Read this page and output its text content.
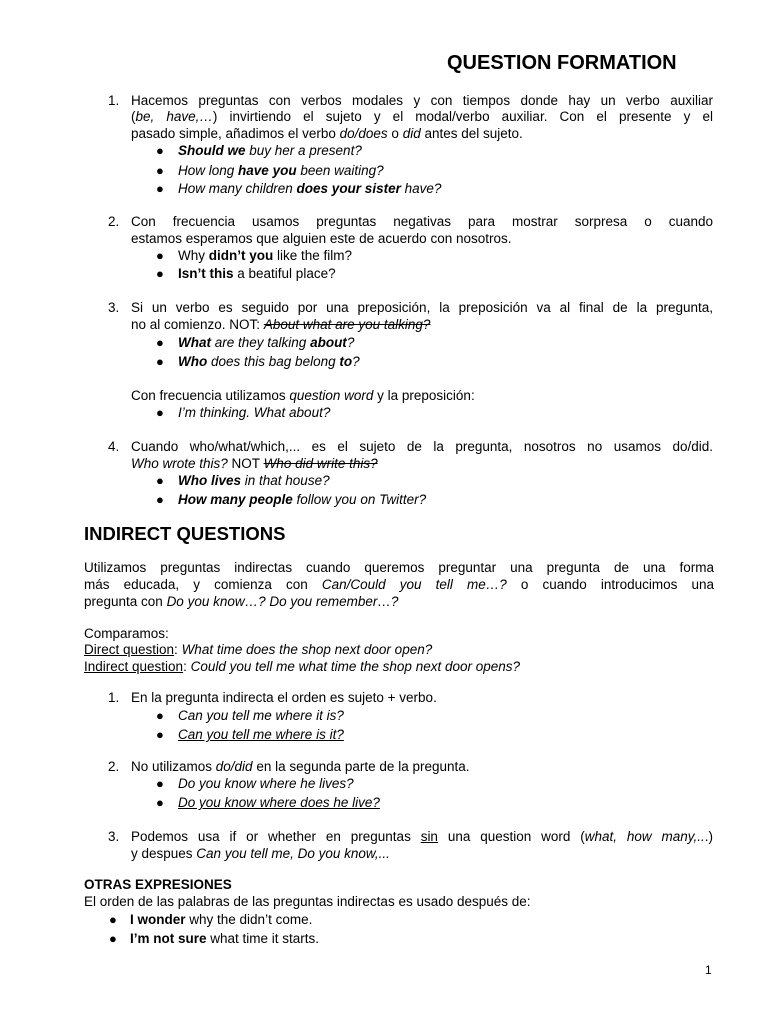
QUESTION FORMATION
1. Hacemos preguntas con verbos modales y con tiempos donde hay un verbo auxiliar
(be, have,…) invirtiendo el sujeto y el modal/verbo auxiliar. Con el presente y el
pasado simple, añadimos el verbo do/does o did antes del sujeto.
●	Should we buy her a present?
●	How long have you been waiting?
●	How many children does your sister have?
2. Con frecuencia usamos preguntas negativas para mostrar sorpresa o cuando
estamos esperamos que alguien este de acuerdo con nosotros.
●	Why didn’t you like the film?
●	Isn’t this a beatiful place?
3. Si un verbo es seguido por una preposición, la preposición va al final de la pregunta,
no al comienzo. NOT: About what are you talking?
●	What are they talking about?
●	Who does this bag belong to?
Con frecuencia utilizamos question word y la preposición:
●	I’m thinking. What about?
4. Cuando who/what/which,... es el sujeto de la pregunta, nosotros no usamos do/did.
Who wrote this? NOT Who did write this?
●	Who lives in that house?
●	How many people follow you on Twitter?
INDIRECT QUESTIONS
Utilizamos preguntas indirectas cuando queremos preguntar una pregunta de una forma
más educada, y comienza con Can/Could you tell me…? o cuando introducimos una
pregunta con Do you know…? Do you remember…?
Comparamos:
Direct question: What time does the shop next door open?
Indirect question: Could you tell me what time the shop next door opens?
1. En la pregunta indirecta el orden es sujeto + verbo.
●	Can you tell me where it is?
●	Can you tell me where is it?
2. No utilizamos do/did en la segunda parte de la pregunta.
●	Do you know where he lives?
●	Do you know where does he live?
3. Podemos usa if or whether en preguntas sin una question word (what, how many,...)
y despues Can you tell me, Do you know,...
OTRAS EXPRESIONES
El orden de las palabras de las preguntas indirectas es usado después de:
● I wonder why the didn’t come.
● I’m not sure what time it starts.
1
